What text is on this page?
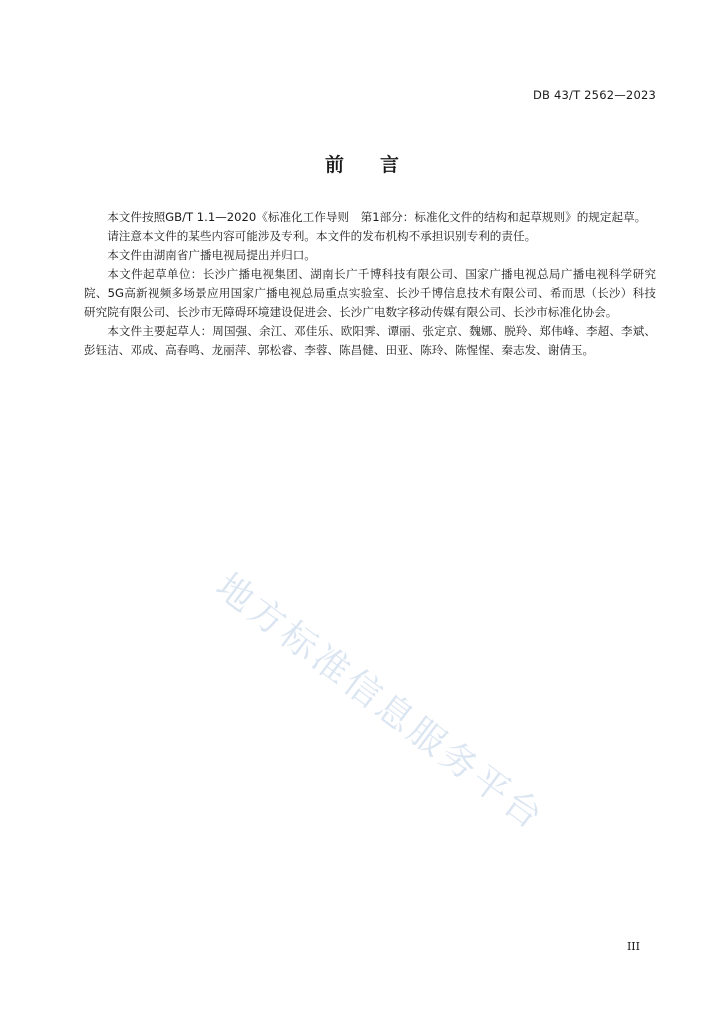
DB 43/T 2562—2023
前言

本文件按照GB/T 1.1—2020《标准化工作导则　第1部分：标准化文件的结构和起草规则》的规定起草。

请注意本文件的某些内容可能涉及专利。本文件的发布机构不承担识别专利的责任。

本文件由湖南省广播电视局提出并归口。

本文件起草单位：长沙广播电视集团、湖南长广千博科技有限公司、国家广播电视总局广播电视科学研究院、5G高新视频多场景应用国家广播电视总局重点实验室、长沙千博信息技术有限公司、希而思（长沙）科技研究院有限公司、长沙市无障碍环境建设促进会、长沙广电数字移动传媒有限公司、长沙市标准化协会。

本文件主要起草人：周国强、余江、邓佳乐、欧阳霁、谭丽、张定京、魏娜、脱羚、郑伟峰、李超、李斌、彭钰洁、邓成、高春鸣、龙丽萍、郭松睿、李蓉、陈昌健、田亚、陈玲、陈惺惺、秦志发、谢倩玉。

地方标准信息服务平台
III
